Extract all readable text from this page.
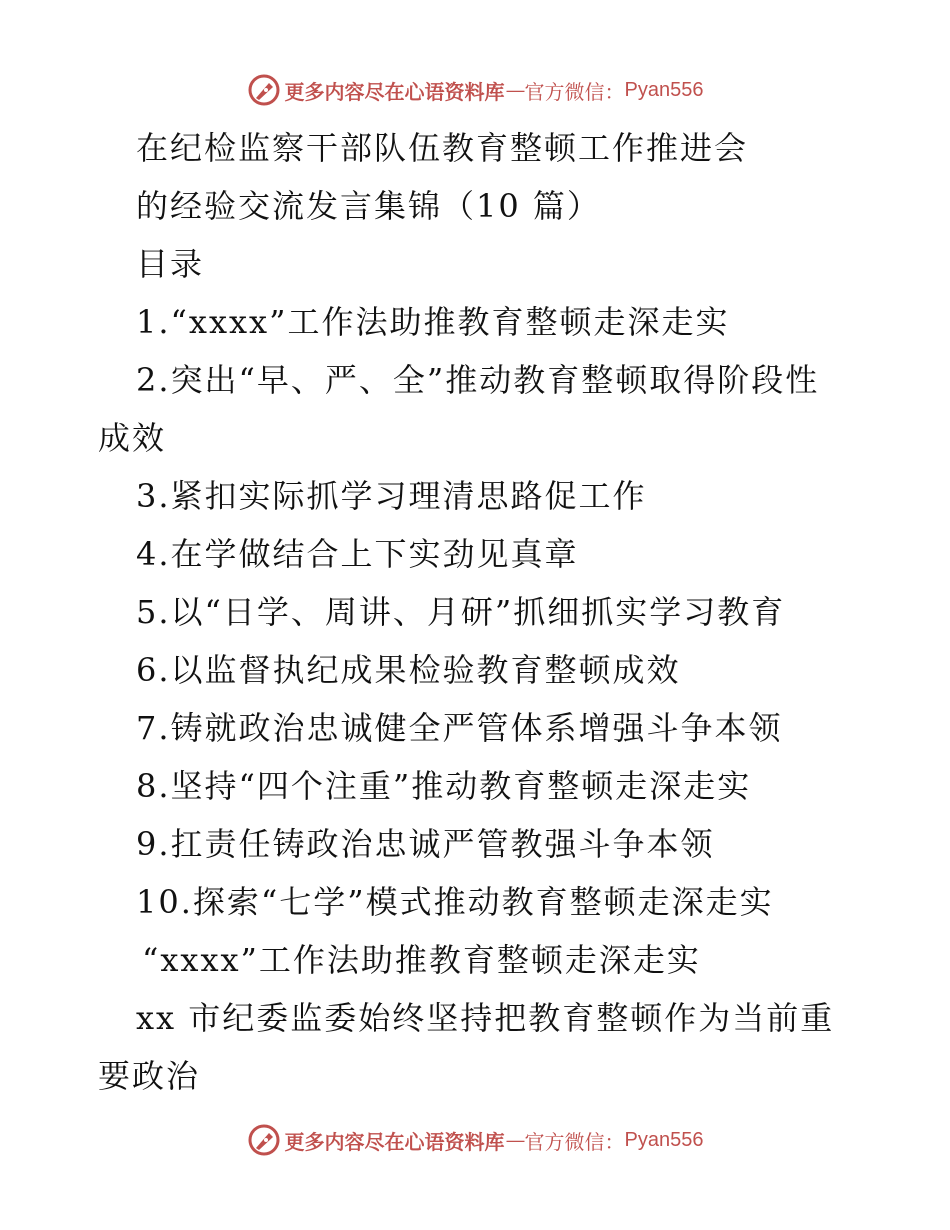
更多内容尽在心语资料库 — 官方微信： Pyan556
在纪检监察干部队伍教育整顿工作推进会
的经验交流发言集锦（10 篇）
目录
1.“xxxx”工作法助推教育整顿走深走实
2.突出“早、严、全”推动教育整顿取得阶段性
成效
3.紧扣实际抓学习理清思路促工作
4.在学做结合上下实劲见真章
5.以“日学、周讲、月研”抓细抓实学习教育
6.以监督执纪成果检验教育整顿成效
7.铸就政治忠诚健全严管体系增强斗争本领
8.坚持“四个注重”推动教育整顿走深走实
9.扛责任铸政治忠诚严管教强斗争本领
10.探索“七学”模式推动教育整顿走深走实
“xxxx”工作法助推教育整顿走深走实
xx 市纪委监委始终坚持把教育整顿作为当前重
要政治
更多内容尽在心语资料库 — 官方微信： Pyan556
